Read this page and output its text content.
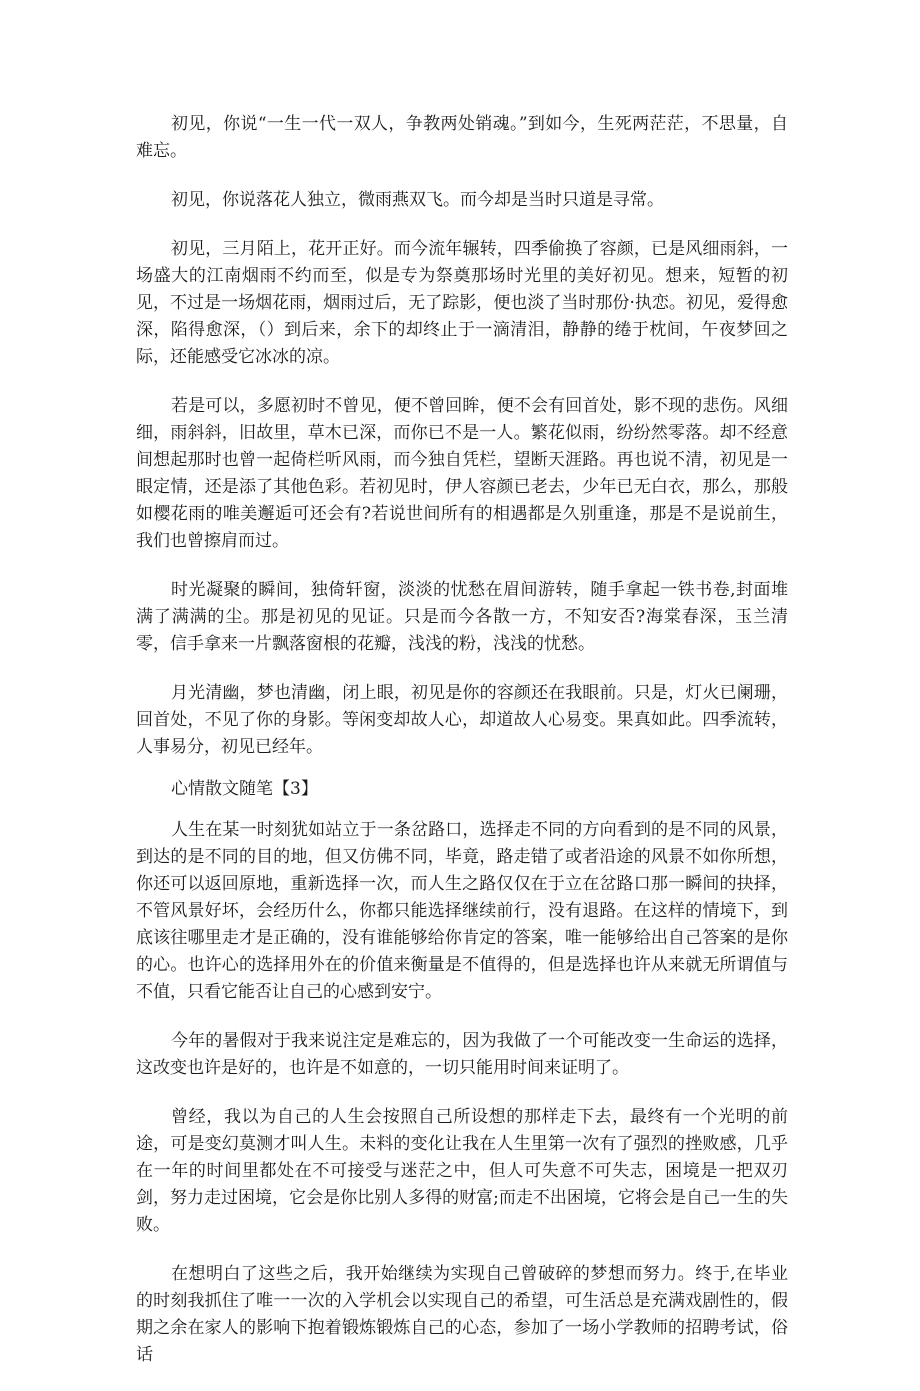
初见，你说“一生一代一双人，争教两处销魂。”到如今，生死两茫茫，不思量，自难忘。

初见，你说落花人独立，微雨燕双飞。而今却是当时只道是寻常。

初见，三月陌上，花开正好。而今流年辗转，四季偷换了容颜，已是风细雨斜，一场盛大的江南烟雨不约而至，似是专为祭奠那场时光里的美好初见。想来，短暂的初见，不过是一场烟花雨，烟雨过后，无了踪影，便也淡了当时那份·执恋。初见，爱得愈深，陷得愈深，（）到后来，余下的却终止于一滴清泪，静静的绻于枕间，午夜梦回之际，还能感受它冰冰的凉。

若是可以，多愿初时不曾见，便不曾回眸，便不会有回首处，影不现的悲伤。风细细，雨斜斜，旧故里，草木已深，而你已不是一人。繁花似雨，纷纷然零落。却不经意间想起那时也曾一起倚栏听风雨，而今独自凭栏，望断天涯路。再也说不清，初见是一眼定情，还是添了其他色彩。若初见时，伊人容颜已老去，少年已无白衣，那么，那般如樱花雨的唯美邂逅可还会有?若说世间所有的相遇都是久别重逢，那是不是说前生，我们也曾擦肩而过。

时光凝聚的瞬间，独倚轩窗，淡淡的忧愁在眉间游转，随手拿起一铁书卷,封面堆满了满满的尘。那是初见的见证。只是而今各散一方，不知安否?海棠春深，玉兰清零，信手拿来一片飘落窗根的花瓣，浅浅的粉，浅浅的忧愁。

月光清幽，梦也清幽，闭上眼，初见是你的容颜还在我眼前。只是，灯火已阑珊，回首处，不见了你的身影。等闲变却故人心，却道故人心易变。果真如此。四季流转，人事易分，初见已经年。

心情散文随笔【3】

人生在某一时刻犹如站立于一条岔路口，选择走不同的方向看到的是不同的风景，到达的是不同的目的地，但又仿佛不同，毕竟，路走错了或者沿途的风景不如你所想，你还可以返回原地，重新选择一次，而人生之路仅仅在于立在岔路口那一瞬间的抉择，不管风景好坏，会经历什么，你都只能选择继续前行，没有退路。在这样的情境下，到底该往哪里走才是正确的，没有谁能够给你肯定的答案，唯一能够给出自己答案的是你的心。也许心的选择用外在的价值来衡量是不值得的，但是选择也许从来就无所谓值与不值，只看它能否让自己的心感到安宁。

今年的暑假对于我来说注定是难忘的，因为我做了一个可能改变一生命运的选择，这改变也许是好的，也许是不如意的，一切只能用时间来证明了。

曾经，我以为自己的人生会按照自己所设想的那样走下去，最终有一个光明的前途，可是变幻莫测才叫人生。未料的变化让我在人生里第一次有了强烈的挫败感，几乎在一年的时间里都处在不可接受与迷茫之中，但人可失意不可失志，困境是一把双刃剑，努力走过困境，它会是你比别人多得的财富;而走不出困境，它将会是自己一生的失败。

在想明白了这些之后，我开始继续为实现自己曾破碎的梦想而努力。终于,在毕业的时刻我抓住了唯一一次的入学机会以实现自己的希望，可生活总是充满戏剧性的，假期之余在家人的影响下抱着锻炼锻炼自己的心态，参加了一场小学教师的招聘考试，俗话
